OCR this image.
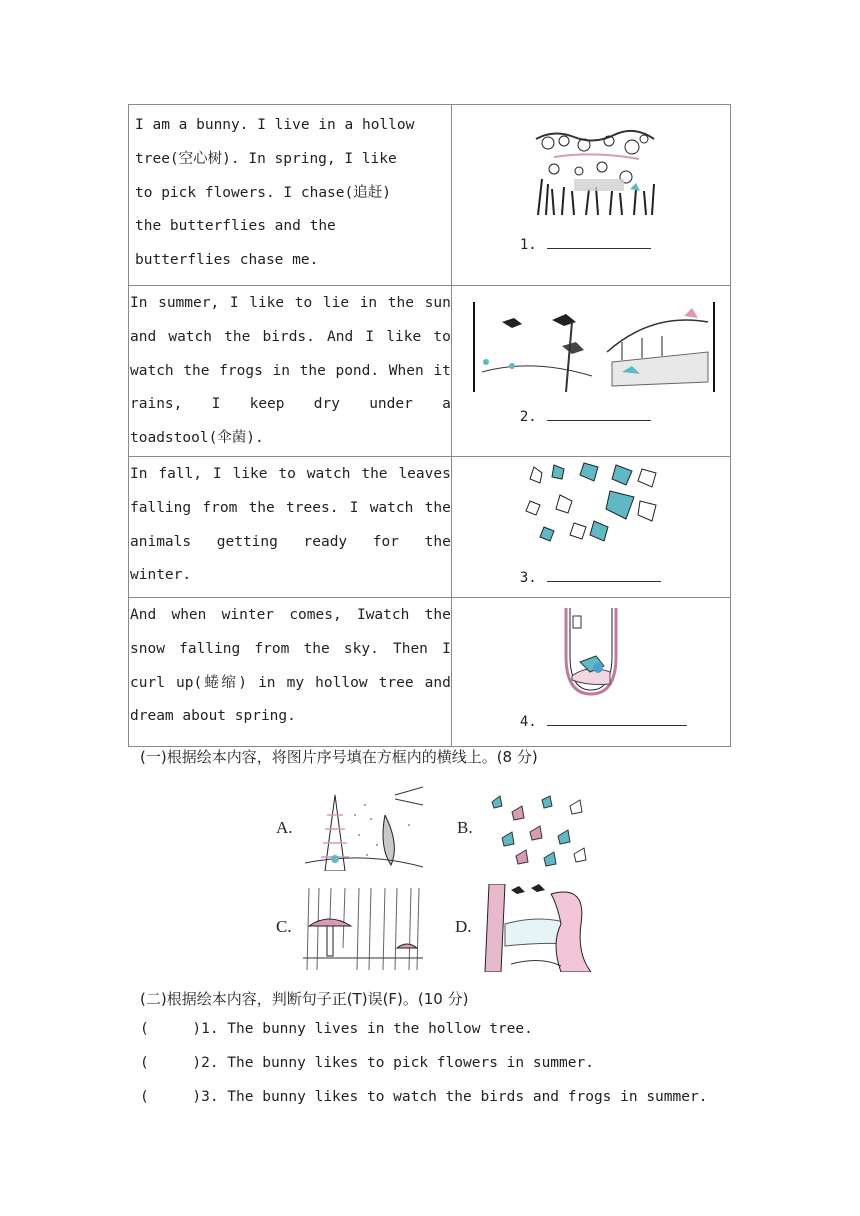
I am a bunny. I live in a hollow
tree(空心树). In spring, I like
to pick flowers. I chase(追赶)
the butterflies and the
butterflies chase me.	1.

In summer, I like to lie in the sun
and watch the birds. And I like to
watch the frogs in the pond. When it
rains, I keep dry under a
toadstool(伞菌).	2.

In fall, I like to watch the leaves
falling from the trees. I watch the
animals getting ready for the
winter.	3.

And when winter comes, Iwatch the
snow falling from the sky. Then I
curl up(蜷缩) in my hollow tree and
dream about spring.	4.
(一)根据绘本内容，将图片序号填在方框内的横线上。(8 分)
A.	B.
C.	D.
(二)根据绘本内容，判断句子正(T)误(F)。(10 分)
(     )1. The bunny lives in the hollow tree.
(     )2. The bunny likes to pick flowers in summer.
(     )3. The bunny likes to watch the birds and frogs in summer.
